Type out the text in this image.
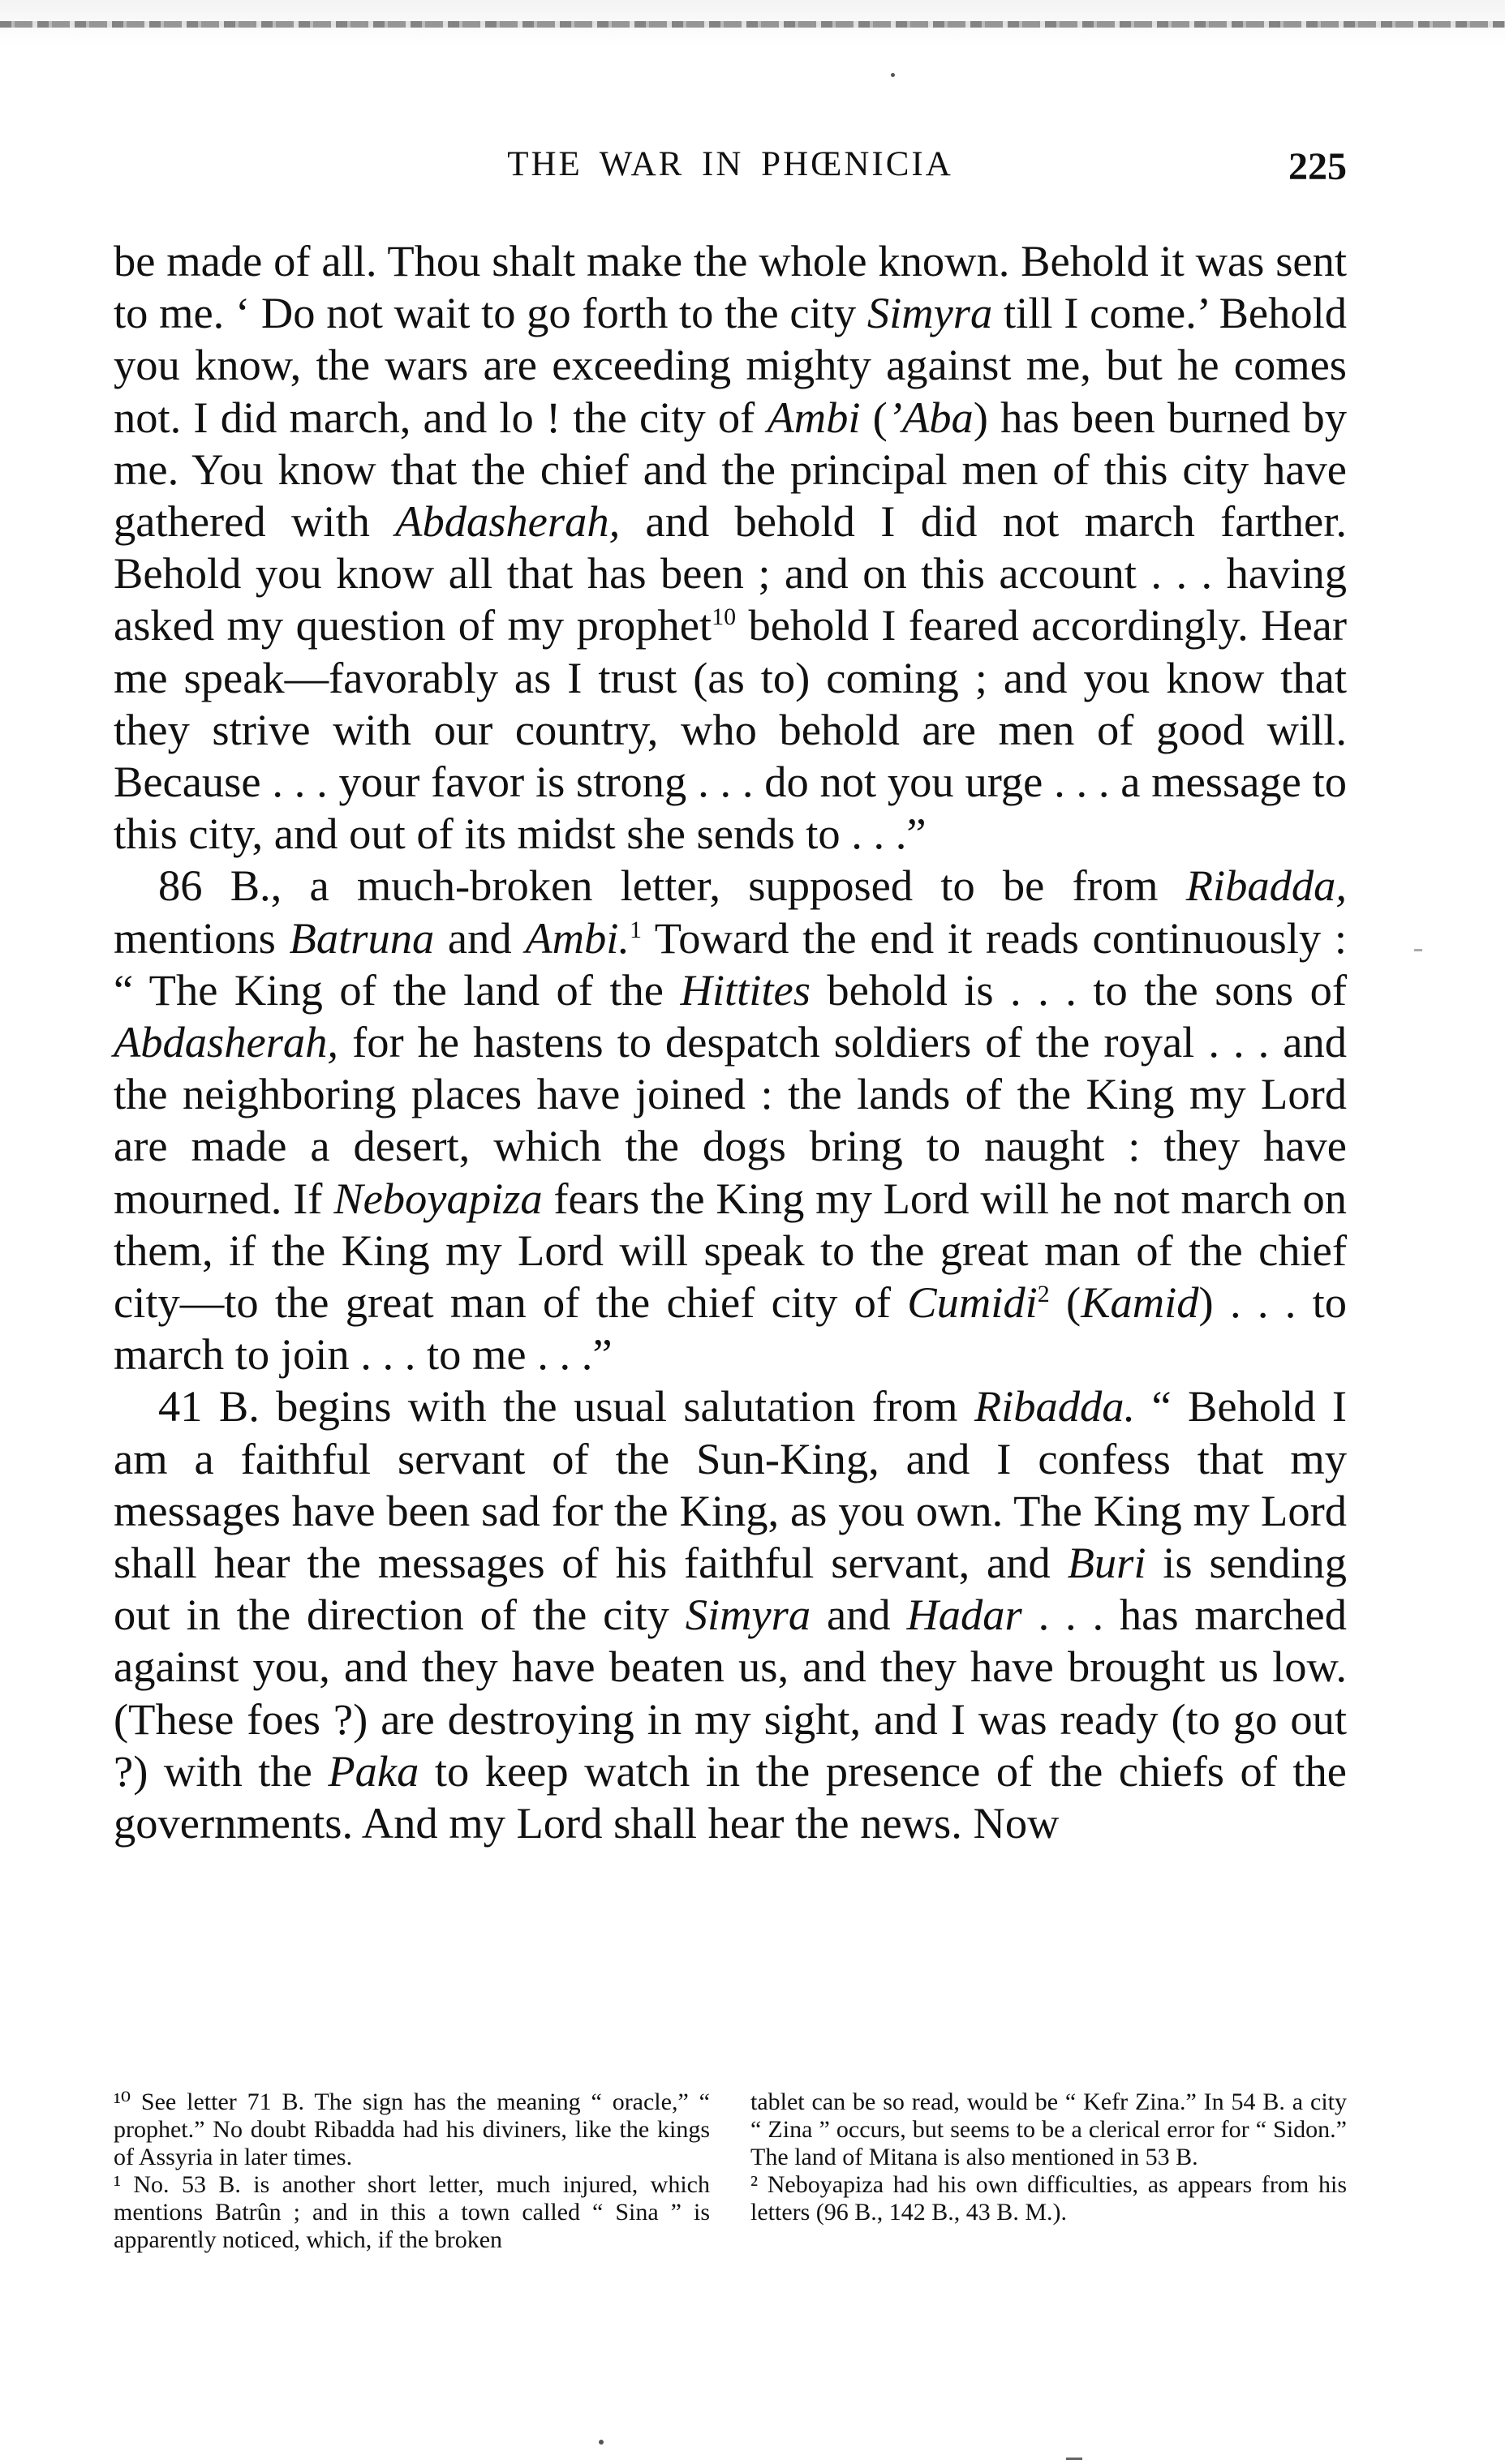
THE WAR IN PHŒNICIA	225

be made of all. Thou shalt make the whole known. Behold it was sent to me. ‘ Do not wait to go forth to the city Simyra till I come.’ Behold you know, the wars are exceeding mighty against me, but he comes not. I did march, and lo ! the city of Ambi (’Aba) has been burned by me. You know that the chief and the principal men of this city have gathered with Abdasherah, and behold I did not march farther. Behold you know all that has been ; and on this account . . . having asked my question of my prophet$^{10}$ behold I feared accordingly. Hear me speak—favorably as I trust (as to) coming ; and you know that they strive with our country, who behold are men of good will. Because . . . your favor is strong . . . do not you urge . . . a message to this city, and out of its midst she sends to . . .”

86 B., a much-broken letter, supposed to be from Ribadda, mentions Batruna and Ambi.$^1$ Toward the end it reads continuously : “ The King of the land of the Hittites behold is . . . to the sons of Abdasherah, for he hastens to despatch soldiers of the royal . . . and the neighboring places have joined : the lands of the King my Lord are made a desert, which the dogs bring to naught : they have mourned. If Neboyapiza fears the King my Lord will he not march on them, if the King my Lord will speak to the great man of the chief city—to the great man of the chief city of Cumidi$^2$ (Kamid) . . . to march to join . . . to me . . .”

41 B. begins with the usual salutation from Ribadda. “ Behold I am a faithful servant of the Sun-King, and I confess that my messages have been sad for the King, as you own. The King my Lord shall hear the messages of his faithful servant, and Buri is sending out in the direction of the city Simyra and Hadar . . . has marched against you, and they have beaten us, and they have brought us low. (These foes ?) are destroying in my sight, and I was ready (to go out ?) with the Paka to keep watch in the presence of the chiefs of the governments. And my Lord shall hear the news. Now

¹⁰ See letter 71 B. The sign has the meaning “ oracle,” “ prophet.” No doubt Ribadda had his diviners, like the kings of Assyria in later times.

¹ No. 53 B. is another short letter, much injured, which mentions Batrûn ; and in this a town called “ Sina ” is apparently noticed, which, if the broken

tablet can be so read, would be “ Kefr Zina.” In 54 B. a city “ Zina ” occurs, but seems to be a clerical error for “ Sidon.” The land of Mitana is also mentioned in 53 B.

² Neboyapiza had his own difficulties, as appears from his letters (96 B., 142 B., 43 B. M.).
